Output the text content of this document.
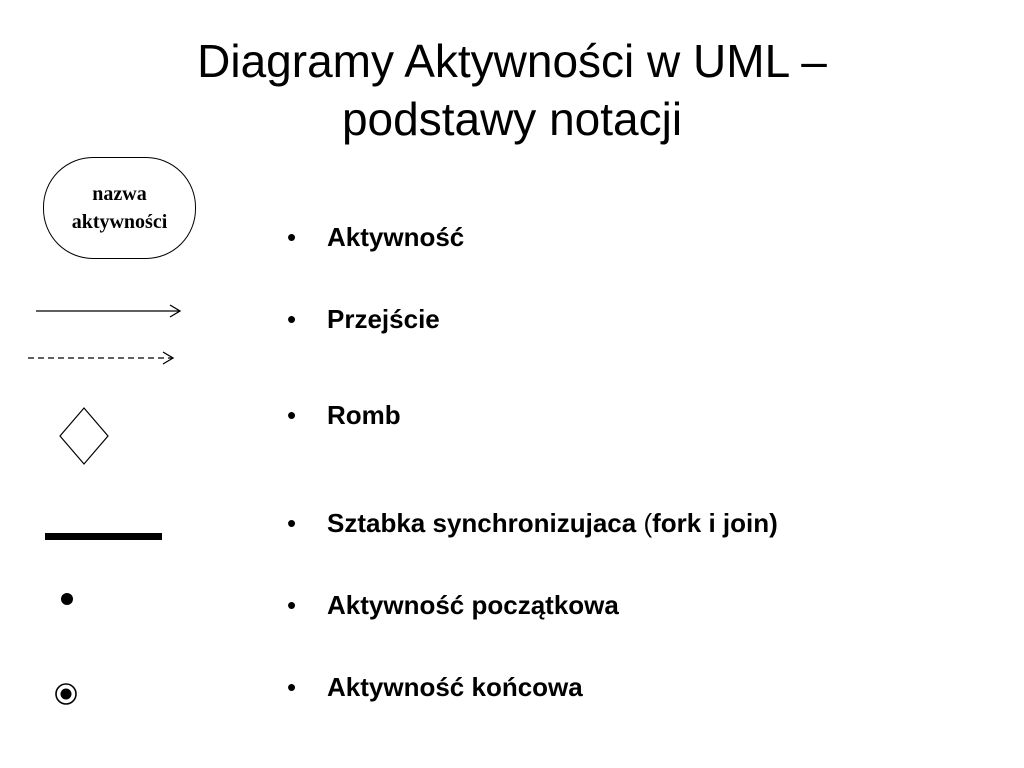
Diagramy Aktywności w UML –
podstawy notacji
nazwa
aktywności	•	Aktywność
•	Przejście
•	Romb
•	Sztabka synchronizujaca (fork i join)
•	Aktywność początkowa
•	Aktywność końcowa
